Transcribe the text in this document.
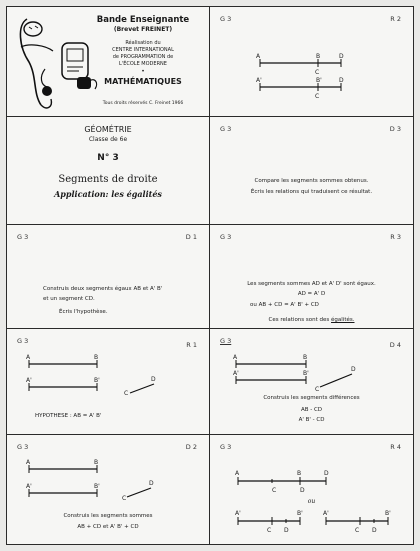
Bande Enseignante
(Brevet FREINET)
Réalisation du
CENTRE INTERNATIONAL
de PROGRAMMATION de
L'ÉCOLE MODERNE
•
MATHÉMATIQUES
Tous droits réservés C. Freinet 1966
G 3	R 2
A	B	D
C
A'	B'	D
C
GÉOMÉTRIE
Classe de 6e
N° 3
Segments de droite
Application: les égalités
G 3	D 3
Compare les segments sommes obtenus.
Écris les relations qui traduisent ce résultat.
G 3	D 1
Construis deux segments égaux AB et A' B'
et un segment CD.
Écris l'hypothèse.
G 3	R 3
Les segments sommes AD et A' D' sont égaux.
AD = A' D
ou AB + CD = A' B' + CD
Ces relations sont des égalités.
G 3	R 1
A	B
A'	B'
C
D
HYPOTHESE : AB = A' B'
G 3	D 4
A	B
A'	B'
C
D
Construis les segments différences
AB - CD
A' B' - CD
G 3	D 2
A	B
A'	B'
C
D
Construis les segments sommes
AB + CD et A' B' + CD
G 3	R 4
A	B	D
C	D
A'	B'
C D
A'	B'
C D
ou
